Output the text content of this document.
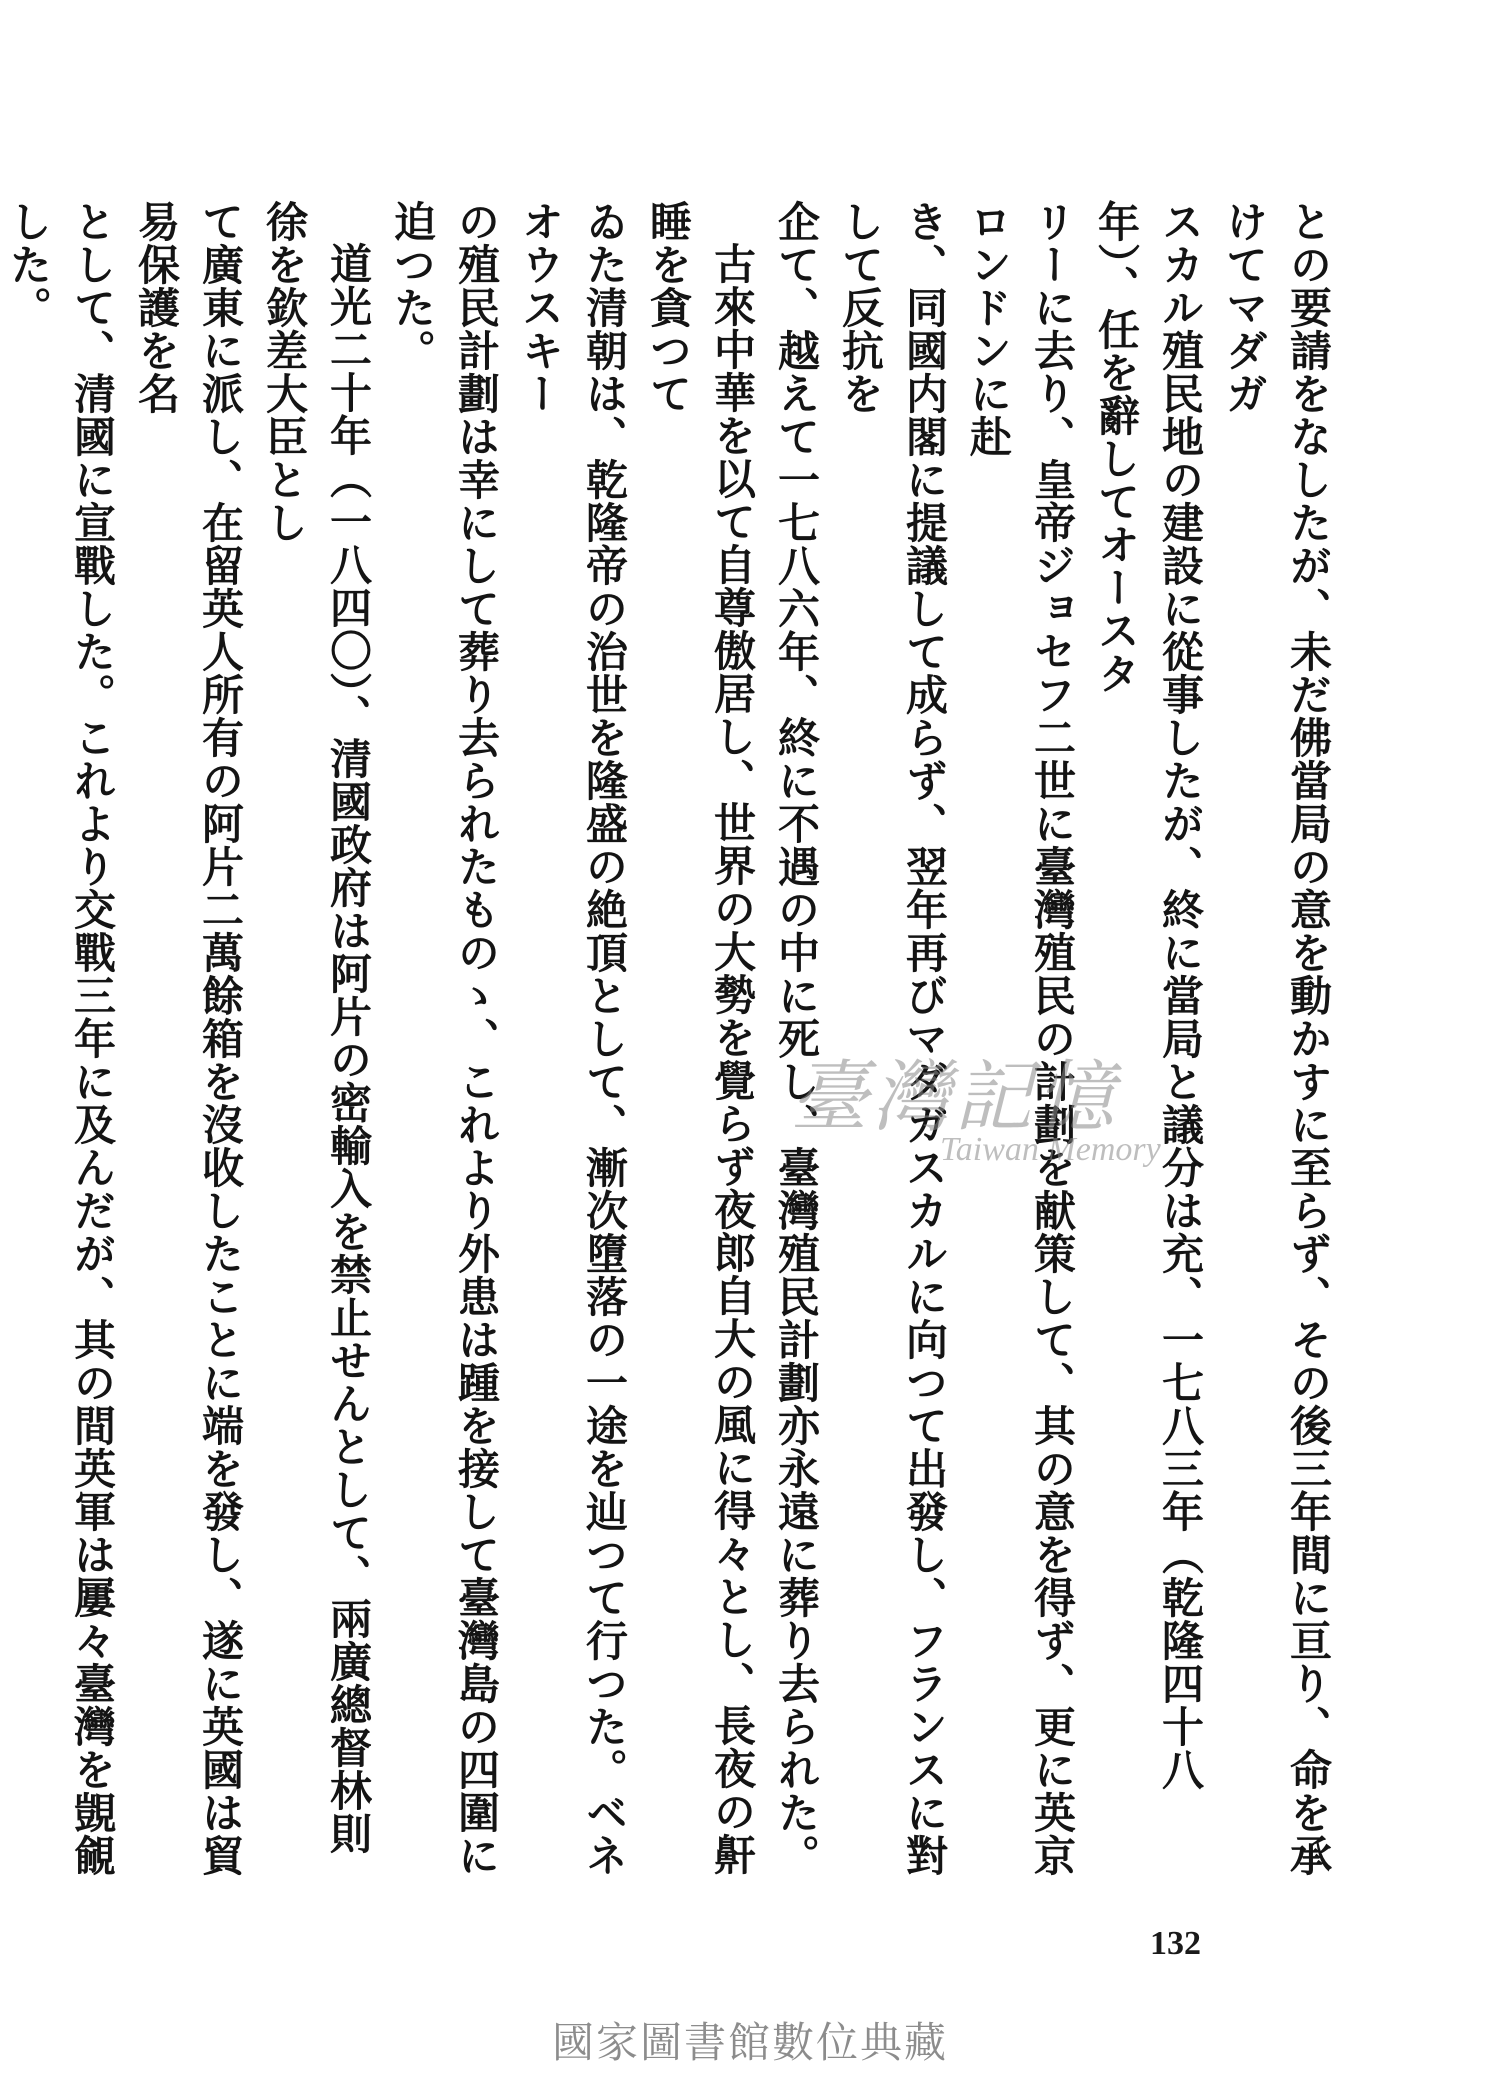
との要請をなしたが、未だ佛當局の意を動かすに至らず、その後三年間に亘り、命を承けてマダガ

スカル殖民地の建設に從事したが、終に當局と議分は充、一七八三年（乾隆四十八年）、任を辭してオースタ

リーに去り、皇帝ジョセフ二世に臺灣殖民の計劃を献策して、其の意を得ず、更に英京ロンドンに赴

き、同國内閣に提議して成らず、翌年再びマダガスカルに向つて出發し、フランスに對して反抗を

企て、越えて一七八六年、終に不遇の中に死し、臺灣殖民計劃亦永遠に葬り去られた。

古來中華を以て自尊傲居し、世界の大勢を覺らず夜郎自大の風に得々とし、長夜の鼾睡を貪つて

ゐた清朝は、乾隆帝の治世を隆盛の絶頂として、漸次墮落の一途を辿つて行つた。ベネオウスキー

の殖民計劃は幸にして葬り去られたものゝ、これより外患は踵を接して臺灣島の四圍に迫つた。

道光二十年（一八四〇）、清國政府は阿片の密輸入を禁止せんとして、兩廣總督林則徐を欽差大臣とし

て廣東に派し、在留英人所有の阿片二萬餘箱を沒收したことに端を發し、遂に英國は貿易保護を名

として、清國に宣戰した。これより交戰三年に及んだが、其の間英軍は屢々臺灣を覬覦した。

臺灣記憶
Taiwan Memory
132
國家圖書館數位典藏
